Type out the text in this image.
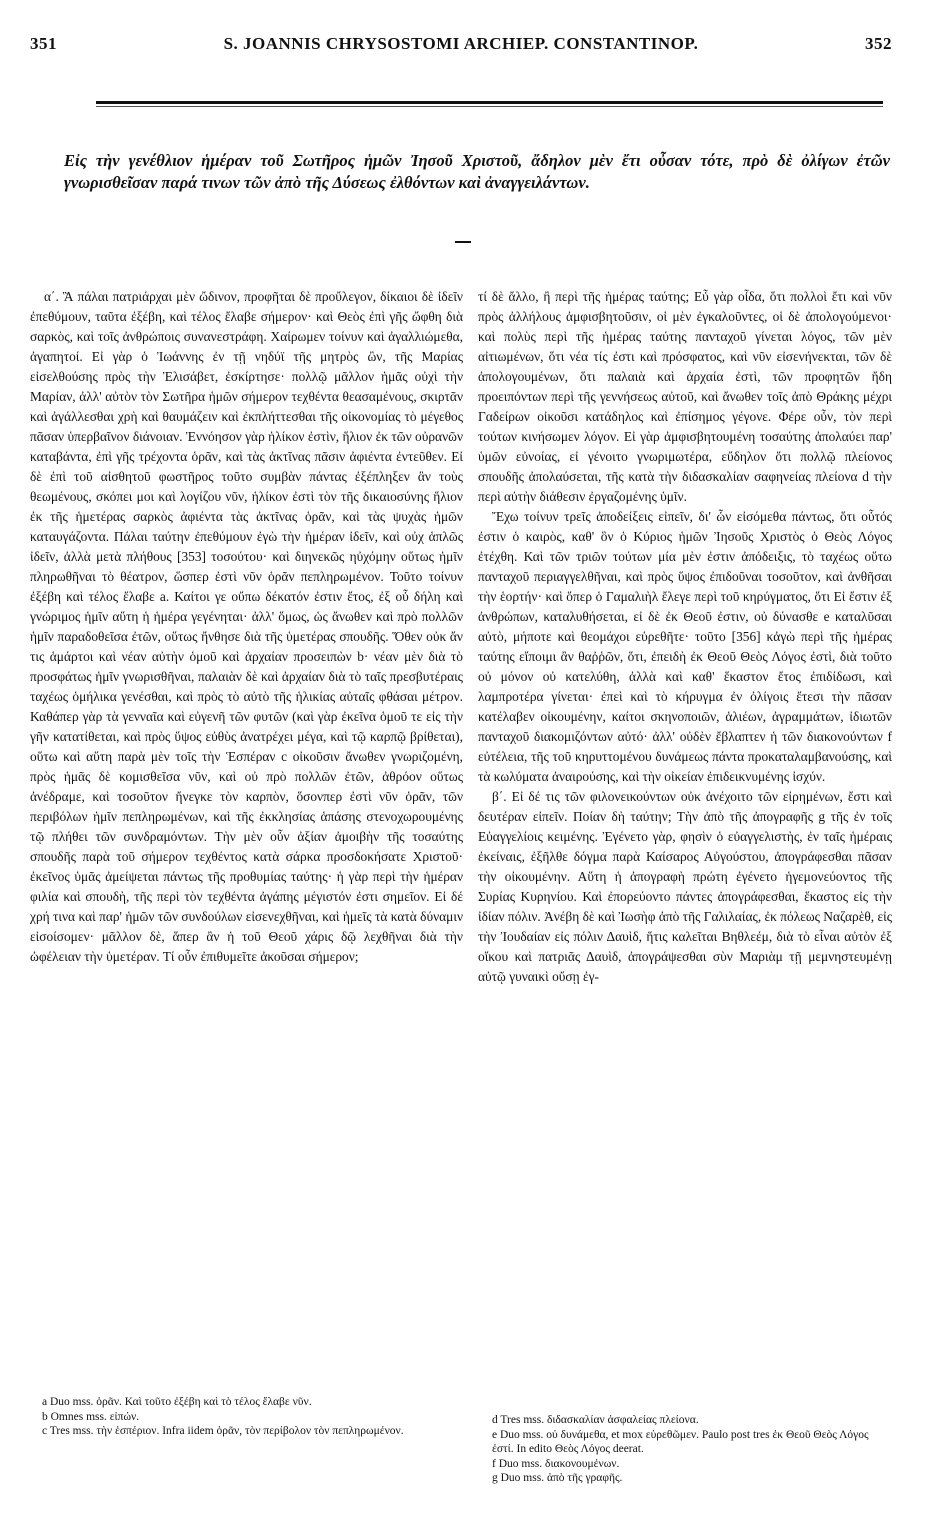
351	S. JOANNIS CHRYSOSTOMI ARCHIEP. CONSTANTINOP.	352

Εἰς τὴν γενέθλιον ἡμέραν τοῦ Σωτῆρος ἡμῶν Ἰησοῦ Χριστοῦ, ἄδηλον μὲν ἔτι οὖσαν τότε, πρὸ δὲ ὀλίγων ἐτῶν γνωρισθεῖσαν παρά τινων τῶν ἀπὸ τῆς Δύσεως ἐλθόντων καὶ ἀναγγειλάντων.

α΄. Ἃ πάλαι πατριάρχαι μὲν ὤδινον, προφῆται δὲ προὔλεγον, δίκαιοι δὲ ἰδεῖν ἐπεθύμουν, ταῦτα ἐξέβη, καὶ τέλος ἔλαβε σήμερον· καὶ Θεὸς ἐπὶ γῆς ὤφθη διὰ σαρκὸς, καὶ τοῖς ἀνθρώποις συνανεστράφη. Χαίρωμεν τοίνυν καὶ ἀγαλλιώμεθα, ἀγαπητοί. Εἰ γὰρ ὁ Ἰωάννης ἐν τῇ νηδύϊ τῆς μητρὸς ὢν, τῆς Μαρίας εἰσελθούσης πρὸς τὴν Ἐλισάβετ, ἐσκίρτησε· πολλῷ μᾶλλον ἡμᾶς οὐχὶ τὴν Μαρίαν, ἀλλ' αὐτὸν τὸν Σωτῆρα ἡμῶν σήμερον τεχθέντα θεασαμένους, σκιρτᾶν καὶ ἀγάλλεσθαι χρὴ καὶ θαυμάζειν καὶ ἐκπλήττεσθαι τῆς οἰκονομίας τὸ μέγεθος πᾶσαν ὑπερβαῖνον διάνοιαν. Ἐννόησον γὰρ ἡλίκον ἐστὶν, ἥλιον ἐκ τῶν οὐρανῶν καταβάντα, ἐπὶ γῆς τρέχοντα ὁρᾶν, καὶ τὰς ἀκτῖνας πᾶσιν ἀφιέντα ἐντεῦθεν. Εἰ δὲ ἐπὶ τοῦ αἰσθητοῦ φωστῆρος τοῦτο συμβὰν πάντας ἐξέπληξεν ἂν τοὺς θεωμένους, σκόπει μοι καὶ λογίζου νῦν, ἡλίκον ἐστὶ τὸν τῆς δικαιοσύνης ἥλιον ἐκ τῆς ἡμετέρας σαρκὸς ἀφιέντα τὰς ἀκτῖνας ὁρᾶν, καὶ τὰς ψυχὰς ἡμῶν καταυγάζοντα. Πάλαι ταύτην ἐπεθύμουν ἐγὼ τὴν ἡμέραν ἰδεῖν, καὶ οὐχ ἁπλῶς ἰδεῖν, ἀλλὰ μετὰ πλήθους [353] τοσούτου· καὶ διηνεκῶς ηὐχόμην οὕτως ἡμῖν πληρωθῆναι τὸ θέατρον, ὥσπερ ἐστὶ νῦν ὁρᾶν πεπληρωμένον. Τοῦτο τοίνυν ἐξέβη καὶ τέλος ἔλαβε a. Καίτοι γε οὔπω δέκατόν ἐστιν ἔτος, ἐξ οὗ δήλη καὶ γνώριμος ἡμῖν αὕτη ἡ ἡμέρα γεγένηται· ἀλλ' ὅμως, ὡς ἄνωθεν καὶ πρὸ πολλῶν ἡμῖν παραδοθεῖσα ἐτῶν, οὕτως ἤνθησε διὰ τῆς ὑμετέρας σπουδῆς. Ὅθεν οὐκ ἄν τις ἁμάρτοι καὶ νέαν αὐτὴν ὁμοῦ καὶ ἀρχαίαν προσειπὼν b· νέαν μὲν διὰ τὸ προσφάτως ἡμῖν γνωρισθῆναι, παλαιὰν δὲ καὶ ἀρχαίαν διὰ τὸ ταῖς πρεσβυτέραις ταχέως ὁμήλικα γενέσθαι, καὶ πρὸς τὸ αὐτὸ τῆς ἡλικίας αὐταῖς φθάσαι μέτρον. Καθάπερ γὰρ τὰ γενναῖα καὶ εὐγενῆ τῶν φυτῶν (καὶ γὰρ ἐκεῖνα ὁμοῦ τε εἰς τὴν γῆν κατατίθεται, καὶ πρὸς ὕψος εὐθὺς ἀνατρέχει μέγα, καὶ τῷ καρπῷ βρίθεται), οὕτω καὶ αὕτη παρὰ μὲν τοῖς τὴν Ἑσπέραν c οἰκοῦσιν ἄνωθεν γνωριζομένη, πρὸς ἡμᾶς δὲ κομισθεῖσα νῦν, καὶ οὐ πρὸ πολλῶν ἐτῶν, ἀθρόον οὕτως ἀνέδραμε, καὶ τοσοῦτον ἤνεγκε τὸν καρπὸν, ὅσονπερ ἐστὶ νῦν ὁρᾶν, τῶν περιβόλων ἡμῖν πεπληρωμένων, καὶ τῆς ἐκκλησίας ἁπάσης στενοχωρουμένης τῷ πλήθει τῶν συνδραμόντων. Τὴν μὲν οὖν ἀξίαν ἀμοιβὴν τῆς τοσαύτης σπουδῆς παρὰ τοῦ σήμερον τεχθέντος κατὰ σάρκα προσδοκήσατε Χριστοῦ· ἐκεῖνος ὑμᾶς ἀμείψεται πάντως τῆς προθυμίας ταύτης· ἡ γὰρ περὶ τὴν ἡμέραν φιλία καὶ σπουδὴ, τῆς περὶ τὸν τεχθέντα ἀγάπης μέγιστόν ἐστι σημεῖον. Εἰ δέ χρή τινα καὶ παρ' ἡμῶν τῶν συνδούλων εἰσενεχθῆναι, καὶ ἡμεῖς τὰ κατὰ δύναμιν εἰσοίσομεν· μᾶλλον δὲ, ἅπερ ἂν ἡ τοῦ Θεοῦ χάρις δῷ λεχθῆναι διὰ τὴν ὠφέλειαν τὴν ὑμετέραν. Τί οὖν ἐπιθυμεῖτε ἀκοῦσαι σήμερον;

τί δὲ ἄλλο, ἢ περὶ τῆς ἡμέρας ταύτης; Εὖ γὰρ οἶδα, ὅτι πολλοὶ ἔτι καὶ νῦν πρὸς ἀλλήλους ἀμφισβητοῦσιν, οἱ μὲν ἐγκαλοῦντες, οἱ δὲ ἀπολογούμενοι· καὶ πολὺς περὶ τῆς ἡμέρας ταύτης πανταχοῦ γίνεται λόγος, τῶν μὲν αἰτιωμένων, ὅτι νέα τίς ἐστι καὶ πρόσφατος, καὶ νῦν εἰσενήνεκται, τῶν δὲ ἀπολογουμένων, ὅτι παλαιὰ καὶ ἀρχαία ἐστὶ, τῶν προφητῶν ἤδη προειπόντων περὶ τῆς γεννήσεως αὐτοῦ, καὶ ἄνωθεν τοῖς ἀπὸ Θράκης μέχρι Γαδείρων οἰκοῦσι κατάδηλος καὶ ἐπίσημος γέγονε. Φέρε οὖν, τὸν περὶ τούτων κινήσωμεν λόγον. Εἰ γὰρ ἀμφισβητουμένη τοσαύτης ἀπολαύει παρ' ὑμῶν εὐνοίας, εἰ γένοιτο γνωριμωτέρα, εὔδηλον ὅτι πολλῷ πλείονος σπουδῆς ἀπολαύσεται, τῆς κατὰ τὴν διδασκαλίαν σαφηνείας πλείονα d τὴν περὶ αὐτὴν διάθεσιν ἐργαζομένης ὑμῖν.

Ἔχω τοίνυν τρεῖς ἀποδείξεις εἰπεῖν, δι' ὧν εἰσόμεθα πάντως, ὅτι οὗτός ἐστιν ὁ καιρὸς, καθ' ὃν ὁ Κύριος ἡμῶν Ἰησοῦς Χριστὸς ὁ Θεὸς Λόγος ἐτέχθη. Καὶ τῶν τριῶν τούτων μία μὲν ἐστιν ἀπόδειξις, τὸ ταχέως οὕτω πανταχοῦ περιαγγελθῆναι, καὶ πρὸς ὕψος ἐπιδοῦναι τοσοῦτον, καὶ ἀνθῆσαι τὴν ἑορτήν· καὶ ὅπερ ὁ Γαμαλιὴλ ἔλεγε περὶ τοῦ κηρύγματος, ὅτι Εἰ ἔστιν ἐξ ἀνθρώπων, καταλυθήσεται, εἰ δὲ ἐκ Θεοῦ ἐστιν, οὐ δύνασθε e καταλῦσαι αὐτὸ, μήποτε καὶ θεομάχοι εὑρεθῆτε· τοῦτο [356] κἀγὼ περὶ τῆς ἡμέρας ταύτης εἴποιμι ἂν θαῤῥῶν, ὅτι, ἐπειδὴ ἐκ Θεοῦ Θεὸς Λόγος ἐστὶ, διὰ τοῦτο οὐ μόνον οὐ κατελύθη, ἀλλὰ καὶ καθ' ἕκαστον ἔτος ἐπιδίδωσι, καὶ λαμπροτέρα γίνεται· ἐπεὶ καὶ τὸ κήρυγμα ἐν ὀλίγοις ἔτεσι τὴν πᾶσαν κατέλαβεν οἰκουμένην, καίτοι σκηνοποιῶν, ἁλιέων, ἀγραμμάτων, ἰδιωτῶν πανταχοῦ διακομιζόντων αὐτό· ἀλλ' οὐδὲν ἔβλαπτεν ἡ τῶν διακονούντων f εὐτέλεια, τῆς τοῦ κηρυττομένου δυνάμεως πάντα προκαταλαμβανούσης, καὶ τὰ κωλύματα ἀναιρούσης, καὶ τὴν οἰκείαν ἐπιδεικνυμένης ἰσχύν.

β΄. Εἰ δέ τις τῶν φιλονεικούντων οὐκ ἀνέχοιτο τῶν εἰρημένων, ἔστι καὶ δευτέραν εἰπεῖν. Ποίαν δὴ ταύτην; Τὴν ἀπὸ τῆς ἀπογραφῆς g τῆς ἐν τοῖς Εὐαγγελίοις κειμένης. Ἐγένετο γὰρ, φησὶν ὁ εὐαγγελιστὴς, ἐν ταῖς ἡμέραις ἐκείναις, ἐξῆλθε δόγμα παρὰ Καίσαρος Αὐγούστου, ἀπογράφεσθαι πᾶσαν τὴν οἰκουμένην. Αὕτη ἡ ἀπογραφὴ πρώτη ἐγένετο ἡγεμονεύοντος τῆς Συρίας Κυρηνίου. Καὶ ἐπορεύοντο πάντες ἀπογράφεσθαι, ἕκαστος εἰς τὴν ἰδίαν πόλιν. Ἀνέβη δὲ καὶ Ἰωσὴφ ἀπὸ τῆς Γαλιλαίας, ἐκ πόλεως Ναζαρὲθ, εἰς τὴν Ἰουδαίαν εἰς πόλιν Δαυὶδ, ἥτις καλεῖται Βηθλεέμ, διὰ τὸ εἶναι αὐτὸν ἐξ οἴκου καὶ πατριᾶς Δαυὶδ, ἀπογράψεσθαι σὺν Μαριὰμ τῇ μεμνηστευμένῃ αὐτῷ γυναικὶ οὔσῃ ἐγ-

a Duo mss. ὁρᾶν. Καὶ τοῦτο ἐξέβη καὶ τὸ τέλος ἔλαβε νῦν.

b Omnes mss. εἰπών.

c Tres mss. τὴν ἑσπέριον. Infra iidem ὁρᾶν, τὸν περίβολον τὸν πεπληρωμένον.

d Tres mss. διδασκαλίαν ἀσφαλείας πλείονα.

e Duo mss. οὐ δυνάμεθα, et mox εὑρεθῶμεν. Paulo post tres ἐκ Θεοῦ Θεὸς Λόγος ἐστί. In edito Θεὸς Λόγος deerat.

f Duo mss. διακονουμένων.

g Duo mss. ἀπὸ τῆς γραφῆς.
